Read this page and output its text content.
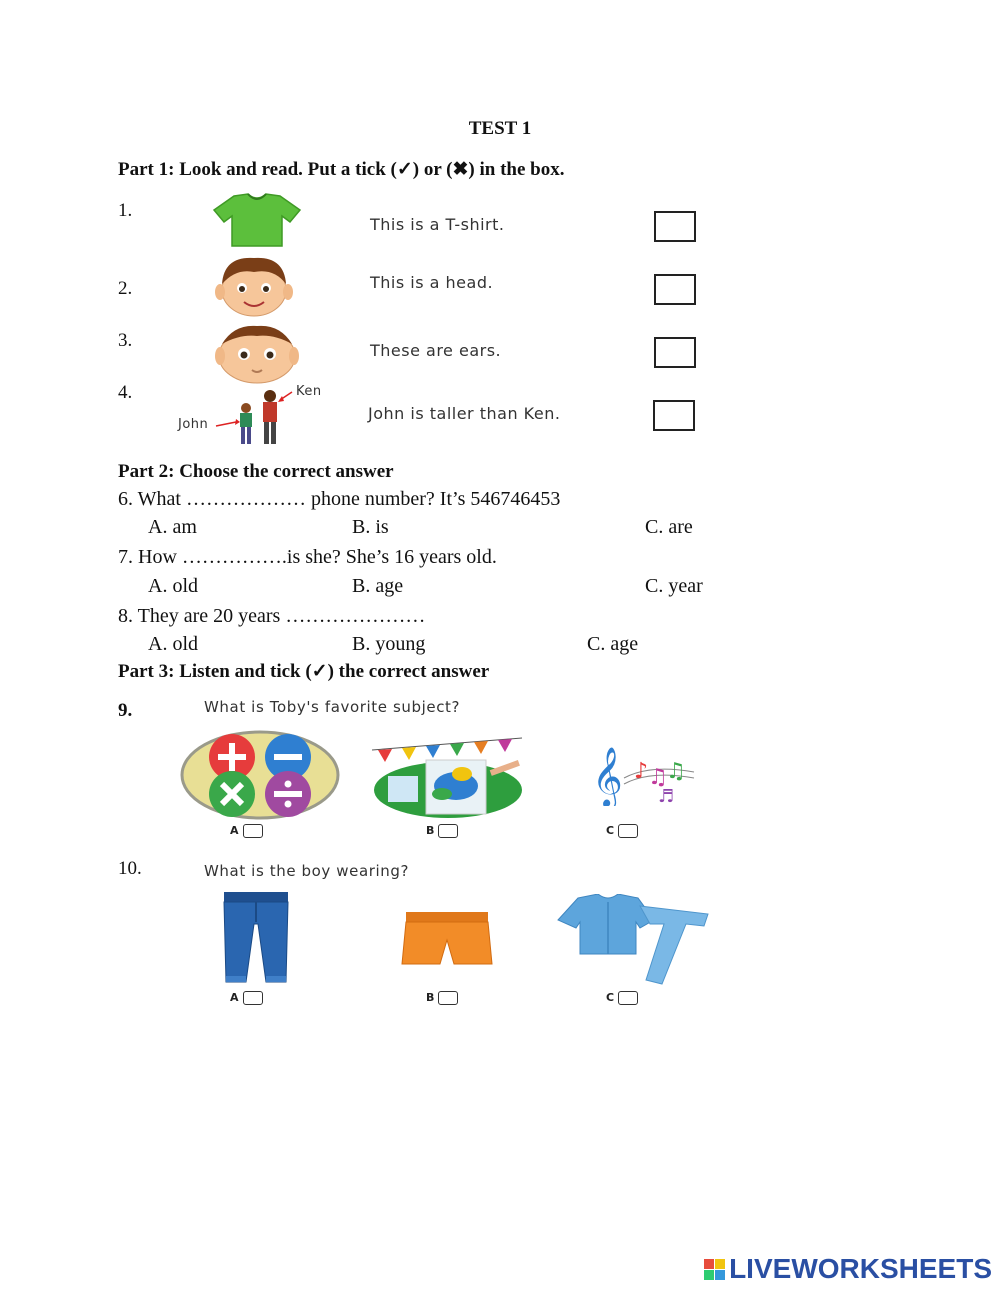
TEST 1
Part 1: Look and read. Put a tick (✓) or (✖) in the box.
1.
This is a T-shirt.
2.	This is a head.
3.	These are ears.
4.
John
Ken
John is taller than Ken.
Part 2: Choose the correct answer
6. What ……………… phone number? It’s 546746453
A. am	B. is	C. are
7. How …………….is she? She’s 16 years old.
A. old	B. age	C. year
8. They are 20 years …………………
A. old	B. young	C. age
Part 3: Listen and tick (✓) the correct answer
9.	What is Toby's favorite subject?
𝄞 ♪ ♫
♫
♬
A	B	C
10.	What is the boy wearing?
A	B	C
LIVEWORKSHEETS
